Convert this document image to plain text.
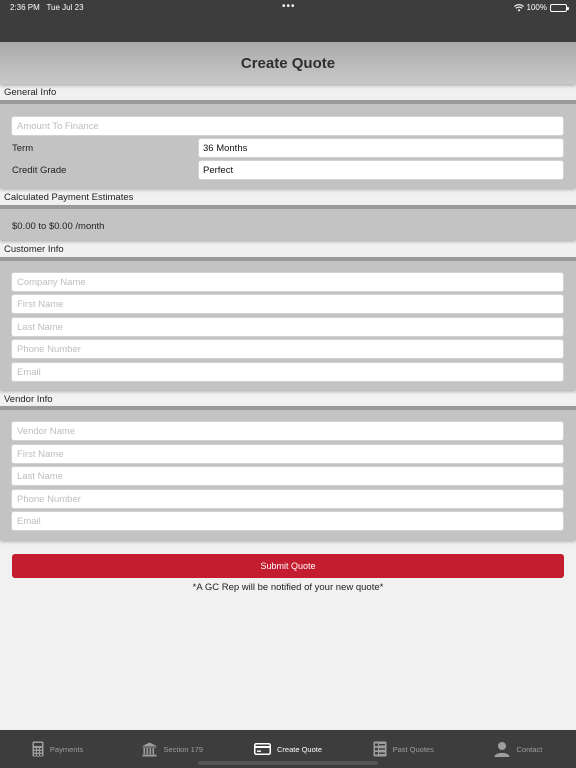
2:36 PM Tue Jul 23	•••	100%
Create Quote
General Info
Amount To Finance
Term	36 Months
Credit Grade	Perfect
Calculated Payment Estimates
$0.00 to $0.00 /month
Customer Info
Company Name
First Name
Last Name
Phone Number
Email
Vendor Info
Vendor Name
First Name
Last Name
Phone Number
Email
Submit Quote
*A GC Rep will be notified of your new quote*
Payments	Section 179	Create Quote	Past Quotes	Contact
